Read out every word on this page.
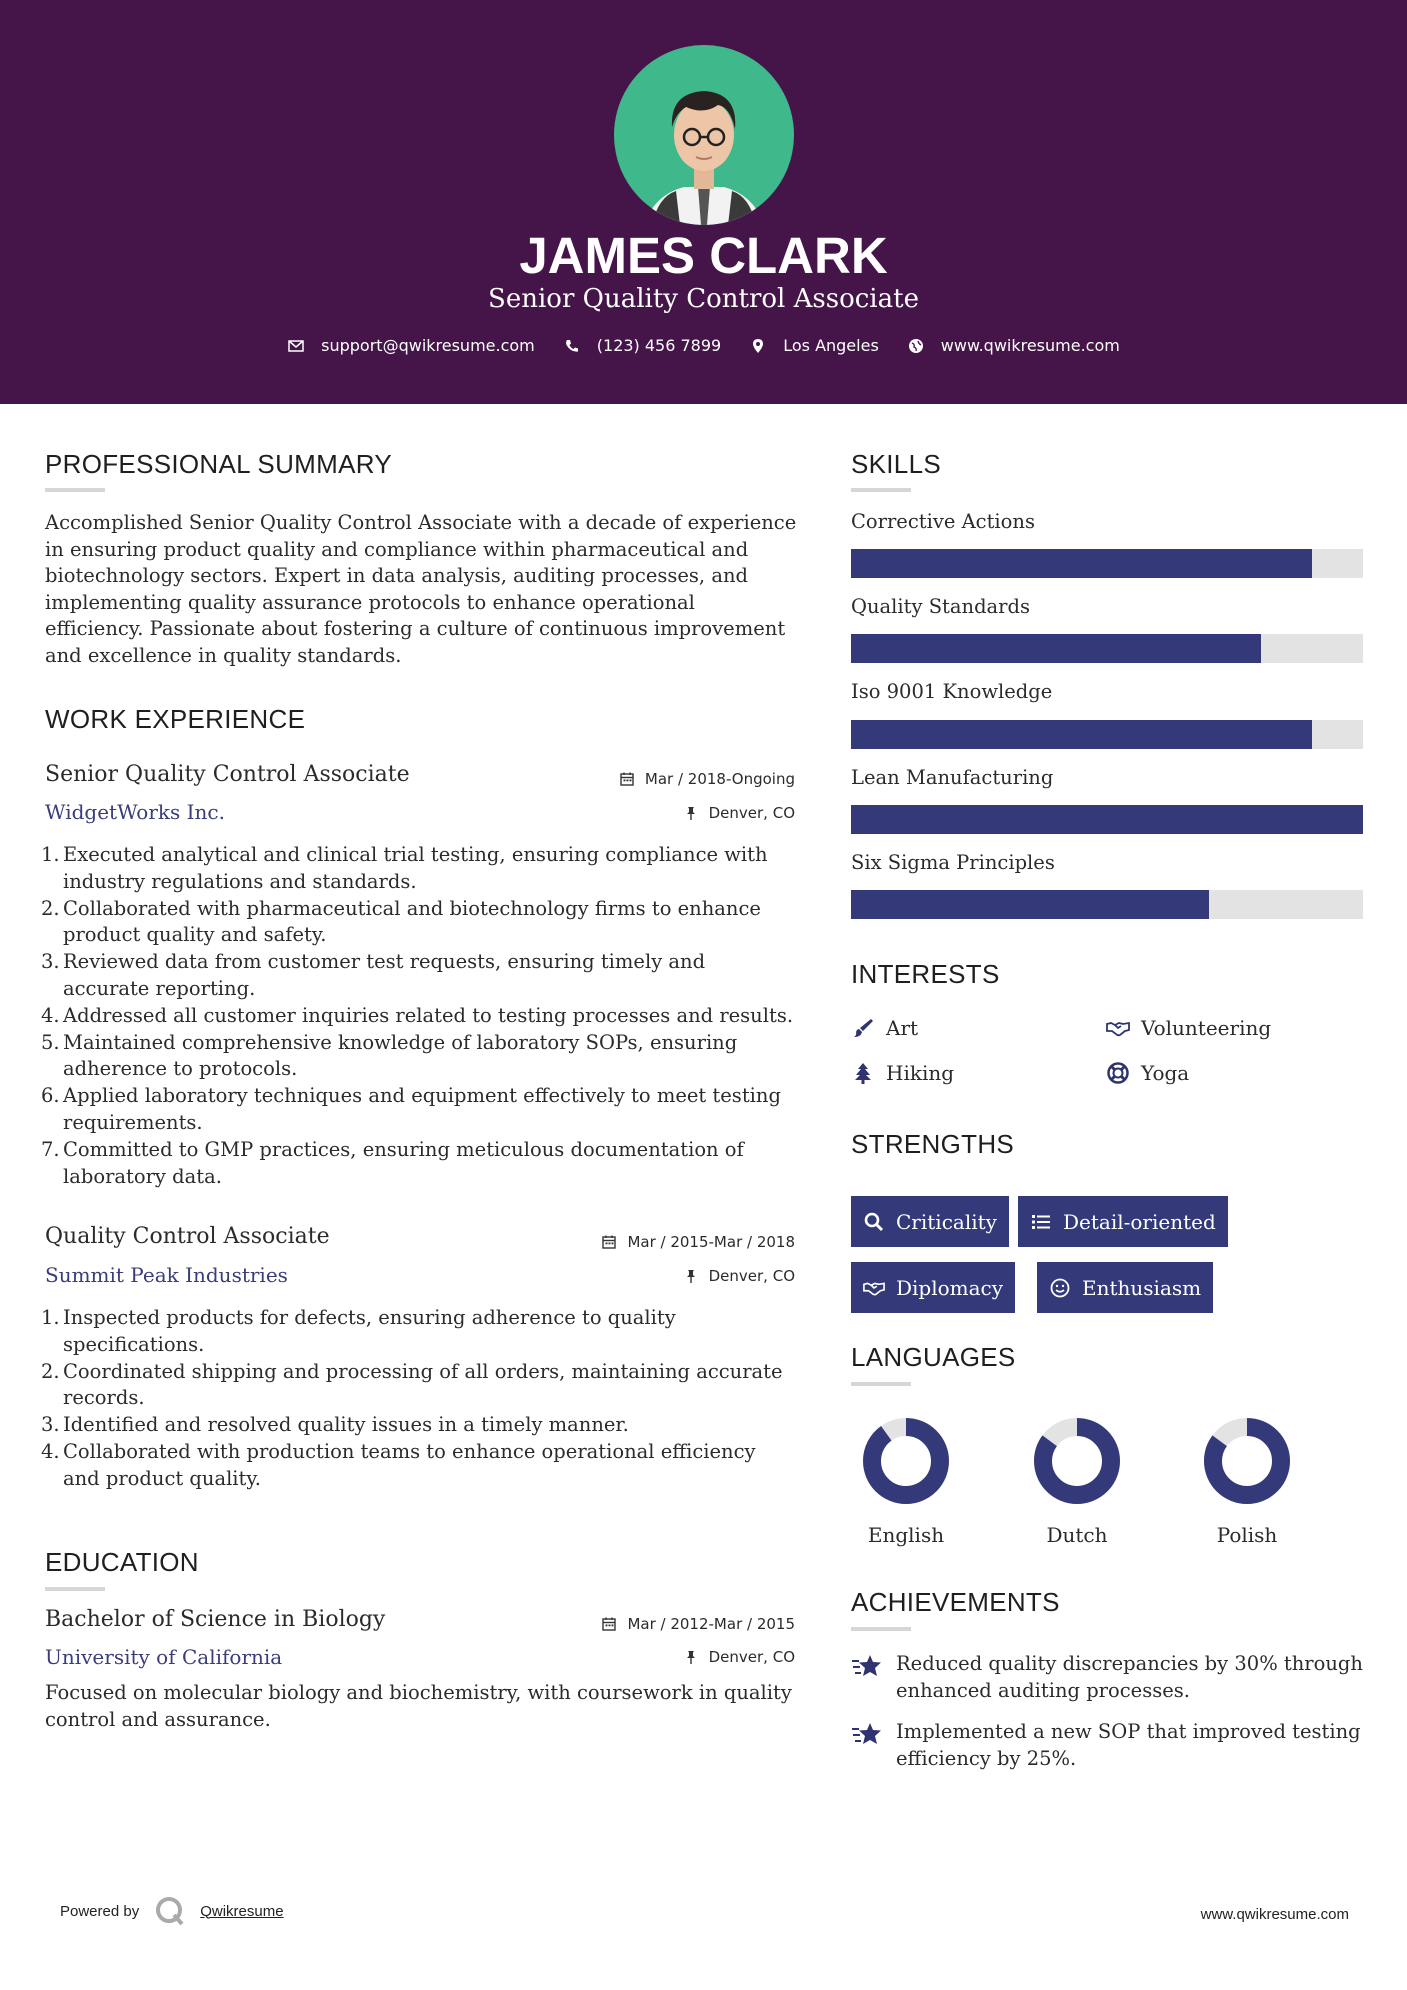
JAMES CLARK
Senior Quality Control Associate
support@qwikresume.com	(123) 456 7899	Los Angeles	www.qwikresume.com
PROFESSIONAL SUMMARY
Accomplished Senior Quality Control Associate with a decade of experience in ensuring product quality and compliance within pharmaceutical and biotechnology sectors. Expert in data analysis, auditing processes, and implementing quality assurance protocols to enhance operational efficiency. Passionate about fostering a culture of continuous improvement and excellence in quality standards.
WORK EXPERIENCE
Senior Quality Control Associate	Mar / 2018-Ongoing
WidgetWorks Inc.	Denver, CO
1. Executed analytical and clinical trial testing, ensuring compliance with industry regulations and standards.
2. Collaborated with pharmaceutical and biotechnology firms to enhance product quality and safety.
3. Reviewed data from customer test requests, ensuring timely and accurate reporting.
4. Addressed all customer inquiries related to testing processes and results.
5. Maintained comprehensive knowledge of laboratory SOPs, ensuring adherence to protocols.
6. Applied laboratory techniques and equipment effectively to meet testing requirements.
7. Committed to GMP practices, ensuring meticulous documentation of laboratory data.
Quality Control Associate	Mar / 2015-Mar / 2018
Summit Peak Industries	Denver, CO
1. Inspected products for defects, ensuring adherence to quality specifications.
2. Coordinated shipping and processing of all orders, maintaining accurate records.
3. Identified and resolved quality issues in a timely manner.
4. Collaborated with production teams to enhance operational efficiency and product quality.
EDUCATION
Bachelor of Science in Biology	Mar / 2012-Mar / 2015
University of California	Denver, CO
Focused on molecular biology and biochemistry, with coursework in quality control and assurance.
SKILLS
Corrective Actions
Quality Standards
Iso 9001 Knowledge
Lean Manufacturing
Six Sigma Principles
INTERESTS
Art	Volunteering
Hiking	Yoga
STRENGTHS
Criticality	Detail-oriented
Diplomacy	Enthusiasm
LANGUAGES
English	Dutch	Polish
ACHIEVEMENTS
Reduced quality discrepancies by 30% through enhanced auditing processes.
Implemented a new SOP that improved testing efficiency by 25%.
Powered by	Qwikresume	www.qwikresume.com
